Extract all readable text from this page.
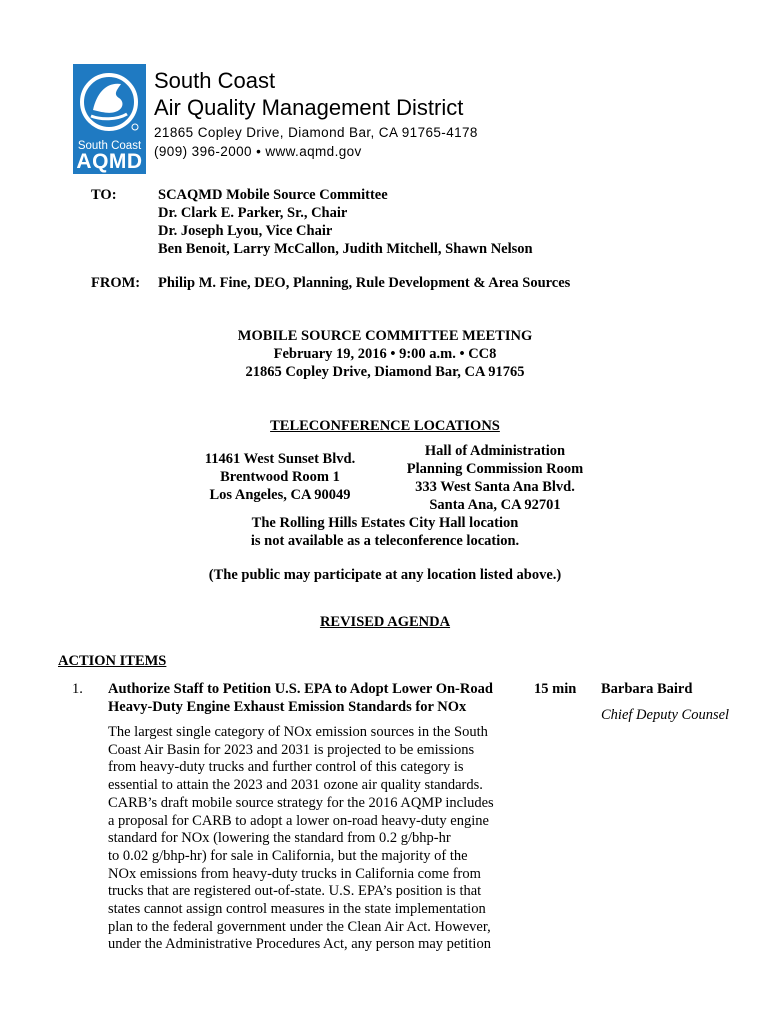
South Coast
AQMD
South Coast
Air Quality Management District
21865 Copley Drive, Diamond Bar, CA 91765-4178
(909) 396-2000 • www.aqmd.gov
TO:	SCAQMD Mobile Source Committee
Dr. Clark E. Parker, Sr., Chair
Dr. Joseph Lyou, Vice Chair
Ben Benoit, Larry McCallon, Judith Mitchell, Shawn Nelson
FROM: Philip M. Fine, DEO, Planning, Rule Development & Area Sources
MOBILE SOURCE COMMITTEE MEETING
February 19, 2016 • 9:00 a.m. • CC8
21865 Copley Drive, Diamond Bar, CA 91765
TELECONFERENCE LOCATIONS
11461 West Sunset Blvd.
Brentwood Room 1
Los Angeles, CA 90049
Hall of Administration
Planning Commission Room
333 West Santa Ana Blvd.
Santa Ana, CA 92701
The Rolling Hills Estates City Hall location
is not available as a teleconference location.
(The public may participate at any location listed above.)
REVISED AGENDA
ACTION ITEMS
1. Authorize Staff to Petition U.S. EPA to Adopt Lower On-Road
Heavy-Duty Engine Exhaust Emission Standards for NOx
15 min Barbara Baird
Chief Deputy Counsel
The largest single category of NOx emission sources in the South
Coast Air Basin for 2023 and 2031 is projected to be emissions
from heavy-duty trucks and further control of this category is
essential to attain the 2023 and 2031 ozone air quality standards.
CARB’s draft mobile source strategy for the 2016 AQMP includes
a proposal for CARB to adopt a lower on-road heavy-duty engine
standard for NOx (lowering the standard from 0.2 g/bhp-hr
to 0.02 g/bhp-hr) for sale in California, but the majority of the
NOx emissions from heavy-duty trucks in California come from
trucks that are registered out-of-state. U.S. EPA’s position is that
states cannot assign control measures in the state implementation
plan to the federal government under the Clean Air Act. However,
under the Administrative Procedures Act, any person may petition
